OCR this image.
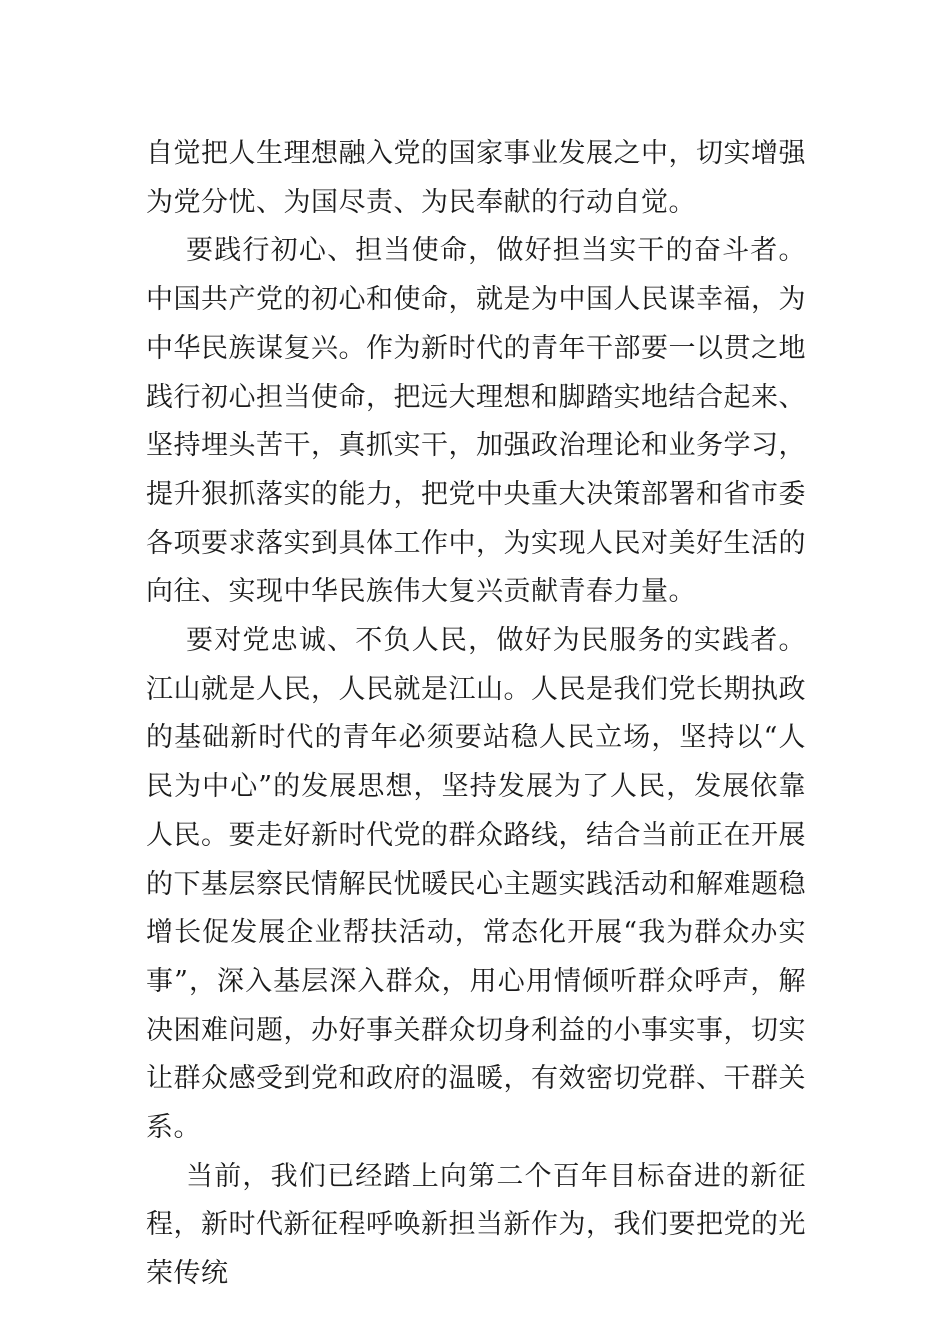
自觉把人生理想融入党的国家事业发展之中，切实增强为党分忧、为国尽责、为民奉献的行动自觉。

要践行初心、担当使命，做好担当实干的奋斗者。中国共产党的初心和使命，就是为中国人民谋幸福，为中华民族谋复兴。作为新时代的青年干部要一以贯之地践行初心担当使命，把远大理想和脚踏实地结合起来、坚持埋头苦干，真抓实干，加强政治理论和业务学习，提升狠抓落实的能力，把党中央重大决策部署和省市委各项要求落实到具体工作中，为实现人民对美好生活的向往、实现中华民族伟大复兴贡献青春力量。

要对党忠诚、不负人民，做好为民服务的实践者。江山就是人民，人民就是江山。人民是我们党长期执政的基础新时代的青年必须要站稳人民立场，坚持以“人民为中心”的发展思想，坚持发展为了人民，发展依靠人民。要走好新时代党的群众路线，结合当前正在开展的下基层察民情解民忧暖民心主题实践活动和解难题稳增长促发展企业帮扶活动，常态化开展“我为群众办实事”，深入基层深入群众，用心用情倾听群众呼声，解决困难问题，办好事关群众切身利益的小事实事，切实让群众感受到党和政府的温暖，有效密切党群、干群关系。

当前，我们已经踏上向第二个百年目标奋进的新征程，新时代新征程呼唤新担当新作为，我们要把党的光荣传统
